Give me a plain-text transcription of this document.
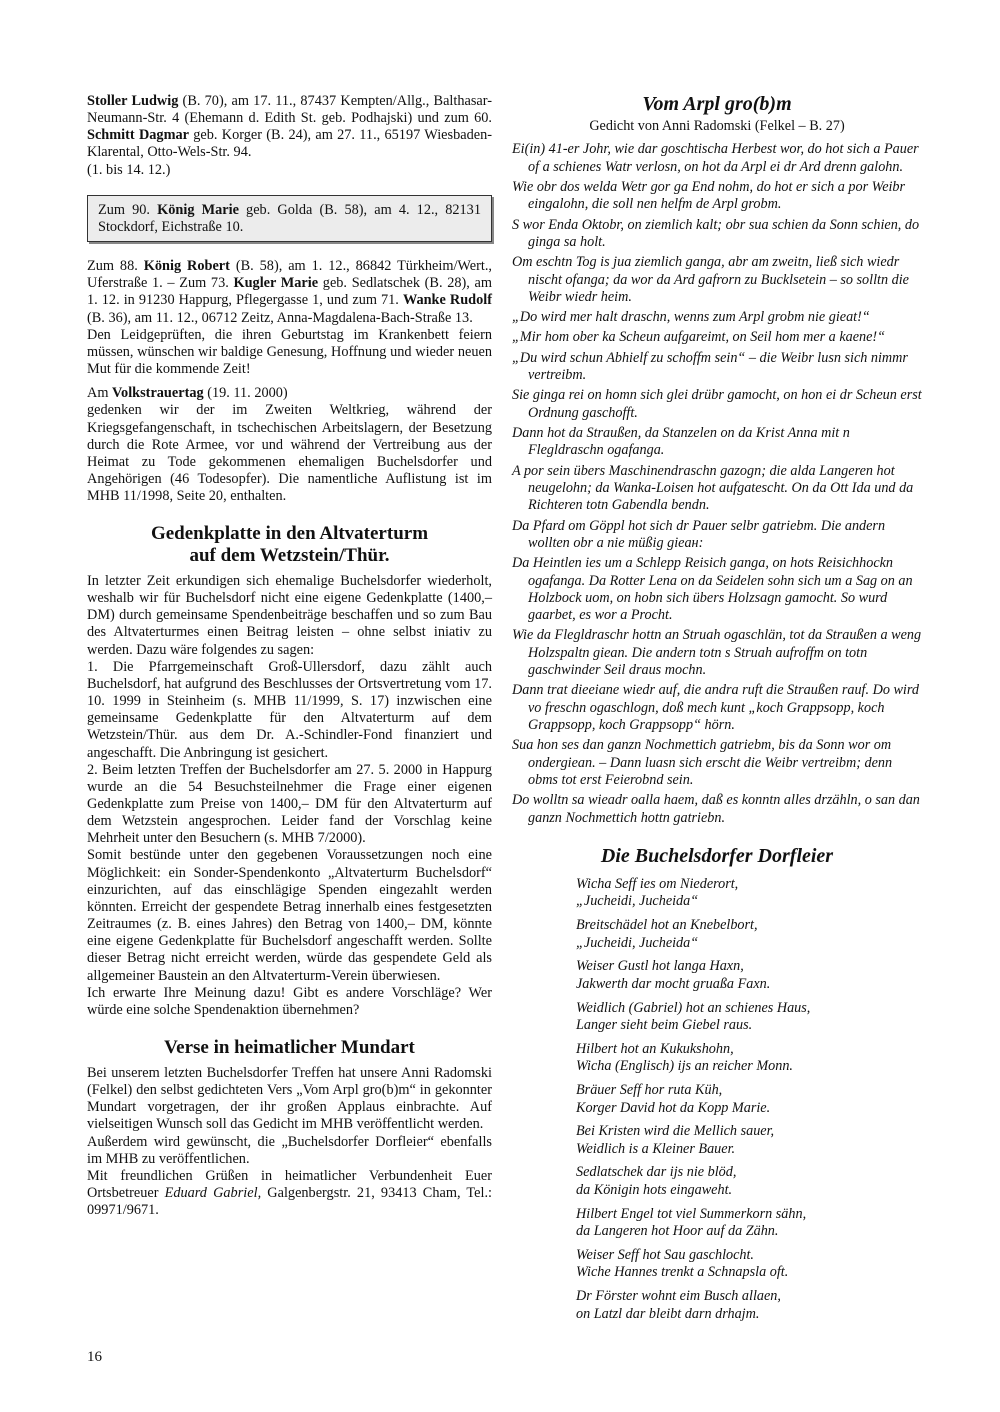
Stoller Ludwig (B. 70), am 17. 11., 87437 Kempten/Allg., Balthasar-Neumann-Str. 4 (Ehemann d. Edith St. geb. Podhajski) und zum 60. Schmitt Dagmar geb. Korger (B. 24), am 27. 11., 65197 Wiesbaden-Klarental, Otto-Wels-Str. 94.
(1. bis 14. 12.)

Zum 90. König Marie geb. Golda (B. 58), am 4. 12., 82131 Stockdorf, Eichstraße 10.

Zum 88. König Robert (B. 58), am 1. 12., 86842 Türkheim/Wert., Uferstraße 1. – Zum 73. Kugler Marie geb. Sedlatschek (B. 28), am 1. 12. in 91230 Happurg, Pflegergasse 1, und zum 71. Wanke Rudolf (B. 36), am 11. 12., 06712 Zeitz, Anna-Magdalena-Bach-Straße 13.

Den Leidgeprüften, die ihren Geburtstag im Krankenbett feiern müssen, wünschen wir baldige Genesung, Hoffnung und wieder neuen Mut für die kommende Zeit!

Am Volkstrauertag (19. 11. 2000)
gedenken wir der im Zweiten Weltkrieg, während der Kriegsgefangenschaft, in tschechischen Arbeitslagern, der Besetzung durch die Rote Armee, vor und während der Vertreibung aus der Heimat zu Tode gekommenen ehemaligen Buchelsdorfer und Angehörigen (46 Todesopfer). Die namentliche Auflistung ist im MHB 11/1998, Seite 20, enthalten.

Gedenkplatte in den Altvaterturm
auf dem Wetzstein/Thür.

In letzter Zeit erkundigen sich ehemalige Buchelsdorfer wiederholt, weshalb wir für Buchelsdorf nicht eine eigene Gedenkplatte (1400,– DM) durch gemeinsame Spendenbeiträge beschaffen und so zum Bau des Altvaterturmes einen Beitrag leisten – ohne selbst iniativ zu werden. Dazu wäre folgendes zu sagen:
1. Die Pfarrgemeinschaft Groß-Ullersdorf, dazu zählt auch Buchelsdorf, hat aufgrund des Beschlusses der Ortsvertretung vom 17. 10. 1999 in Steinheim (s. MHB 11/1999, S. 17) inzwischen eine gemeinsame Gedenkplatte für den Altvaterturm auf dem Wetzstein/Thür. aus dem Dr. A.-Schindler-Fond finanziert und angeschafft. Die Anbringung ist gesichert.
2. Beim letzten Treffen der Buchelsdorfer am 27. 5. 2000 in Happurg wurde an die 54 Besuchsteilnehmer die Frage einer eigenen Gedenkplatte zum Preise von 1400,– DM für den Altvaterturm auf dem Wetzstein angesprochen. Leider fand der Vorschlag keine Mehrheit unter den Besuchern (s. MHB 7/2000).
Somit bestünde unter den gegebenen Voraussetzungen noch eine Möglichkeit: ein Sonder-Spendenkonto „Altvaterturm Buchelsdorf“ einzurichten, auf das einschlägige Spenden eingezahlt werden könnten. Erreicht der gespendete Betrag innerhalb eines festgesetzten Zeitraumes (z. B. eines Jahres) den Betrag von 1400,– DM, könnte eine eigene Gedenkplatte für Buchelsdorf angeschafft werden. Sollte dieser Betrag nicht erreicht werden, würde das gespendete Geld als allgemeiner Baustein an den Altvaterturm-Verein überwiesen.
Ich erwarte Ihre Meinung dazu! Gibt es andere Vorschläge? Wer würde eine solche Spendenaktion übernehmen?

Verse in heimatlicher Mundart

Bei unserem letzten Buchelsdorfer Treffen hat unsere Anni Radomski (Felkel) den selbst gedichteten Vers „Vom Arpl gro(b)m“ in gekonnter Mundart vorgetragen, der ihr großen Applaus einbrachte. Auf vielseitigen Wunsch soll das Gedicht im MHB veröffentlicht werden.
Außerdem wird gewünscht, die „Buchelsdorfer Dorfleier“ ebenfalls im MHB zu veröffentlichen.
Mit freundlichen Grüßen in heimatlicher Verbundenheit Euer Ortsbetreuer Eduard Gabriel, Galgenbergstr. 21, 93413 Cham, Tel.: 09971/9671.

Vom Arpl gro(b)m

Gedicht von Anni Radomski (Felkel – B. 27)

Ei(in) 41-er Johr, wie dar goschtischa Herbest wor, do hot sich a Pauer of a schienes Watr verlosn, on hot da Arpl ei dr Ard drenn galohn.
Wie obr dos welda Wetr gor ga End nohm, do hot er sich a por Weibr eingalohn, die soll nen helfm de Arpl grobm.
S wor Enda Oktobr, on ziemlich kalt; obr sua schien da Sonn schien, do ginga sa holt.
Om eschtn Tog is jua ziemlich ganga, abr am zweitn, ließ sich wiedr nischt ofanga; da wor da Ard gafrorn zu Bucklsetein – so solltn die Weibr wiedr heim.
„Do wird mer halt draschn, wenns zum Arpl grobm nie gieat!“
„Mir hom ober ka Scheun aufgareimt, on Seil hom mer a kaene!“
„Du wird schun Abhielf zu schoffm sein“ – die Weibr lusn sich nimmr vertreibm.
Sie ginga rei on homn sich glei drübr gamocht, on hon ei dr Scheun erst Ordnung gaschofft.
Dann hot da Straußen, da Stanzelen on da Krist Anna mit n Flegldraschn ogafanga.
A por sein übers Maschinendraschn gazogn; die alda Langeren hot neugelohn; da Wanka-Loisen hot aufgatescht. On da Ott Ida und da Richteren totn Gabendla bendn.
Da Pfard om Göppl hot sich dr Pauer selbr gatriebm. Die andern wollten obr a nie müßig gieaн:
Da Heintlen ies um a Schlepp Reisich ganga, on hots Reisichhockn ogafanga. Da Rotter Lena on da Seidelen sohn sich um a Sag on an Holzbock uom, on hobn sich übers Holzsagn gamocht. So wurd gaarbet, es wor a Procht.
Wie da Flegldraschr hottn an Struah ogaschlän, tot da Straußen a weng Holzspaltn gieаn. Die andern totn s Struah aufroffm on totn gaschwinder Seil draus mochn.
Dann trat dieeiane wiedr auf, die andra ruft die Straußen rauf. Do wird vo freschn ogaschlogn, doß mech kunt „koch Grappsopp, koch Grappsopp, koch Grappsopp“ hörn.
Sua hon ses dan ganzn Nochmettich gatriebm, bis da Sonn wor om ondergiean. – Dann luasn sich erscht die Weibr vertreibm; denn obms tot erst Feierobnd sein.
Do wolltn sa wieadr oalla haem, daß es konntn alles drzähln, o san dan ganzn Nochmettich hottn gatriebn.
Die Buchelsdorfer Dorfleier
Wicha Seff ies om Niederort,
„Jucheidi, Jucheida“
Breitschädel hot an Knebelbort,
„Jucheidi, Jucheida“
Weiser Gustl hot langa Haxn,
Jakwerth dar mocht gruaßa Faxn.
Weidlich (Gabriel) hot an schienes Haus,
Langer sieht beim Giebel raus.
Hilbert hot an Kukukshohn,
Wicha (Englisch) ijs an reicher Monn.
Bräuer Seff hor ruta Küh,
Korger David hot da Kopp Marie.
Bei Kristen wird die Mellich sauer,
Weidlich is a Kleiner Bauer.
Sedlatschek dar ijs nie blöd,
da Königin hots eingaweht.
Hilbert Engel tot viel Summerkorn sähn,
da Langeren hot Hoor auf da Zähn.
Weiser Seff hot Sau gaschlocht.
Wiche Hannes trenkt a Schnapsla oft.
Dr Förster wohnt eim Busch allaen,
on Latzl dar bleibt darn drhajm.
16
